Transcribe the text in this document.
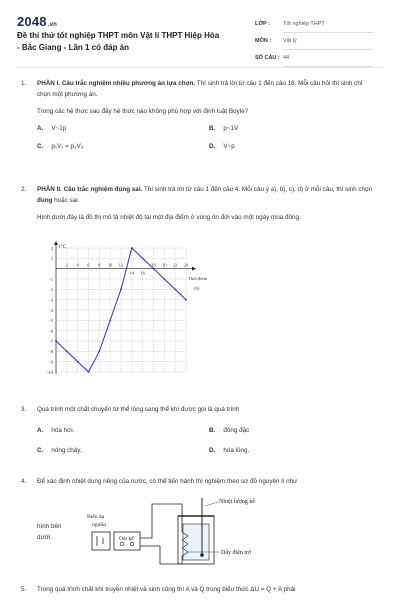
2048.vn
Đề thi thử tốt nghiệp THPT môn Vật lí THPT Hiệp Hòa - Bắc Giang - Lần 1 có đáp án
LỚP :	Tốt nghiệp THPT
MÔN :	Vật lý
SỐ CÂU : 44
1. PHẦN I. Câu trắc nghiệm nhiều phương án lựa chọn. Thí sinh trả lời từ câu 1 đến câu 18. Mỗi câu hỏi thí sinh chỉ chọn một phương án.
Trong các hệ thức sau đây hệ thức nào không phù hợp với định luật Boyle?
A. V~1p	B. p~1V
C. p₁V₁ = p₃V₃	D. V~p
2. PHẦN II. Câu trắc nghiệm đúng sai. Thí sinh trả lời từ câu 1 đến câu 4. Mỗi câu ý a), b), c), d) ở mỗi câu, thí sinh chọn đúng hoặc sai.
Hình dưới đây là đồ thị mô tả nhiệt độ tại một địa điểm ở vùng ôn đới vào một ngày mùa đông.
2
1
-1
-2
-3
-4
-5
-6
-7
-8
-9
-10
2 4 6 8 10 12
14 16
18 20 22 24
t°C
Thời điểm
(h)
3. Quá trình một chất chuyển từ thể lỏng sang thể khí được gọi là quá trình
A. hóa hơi.	B. đông đặc
C. nóng chảy.	D. hóa lỏng.
4. Để xác định nhiệt dung riêng của nước, có thể tiến hành thí nghiệm theo sơ đồ nguyên lí như
hình bên dưới.
Nhiệt lượng kế
Biến áp
nguồn
Oát kế
Dây điện trở
5. Trong quá trình chất khí truyền nhiệt và sinh công thì A và Q trong biểu thức ΔU = Q + A phải
